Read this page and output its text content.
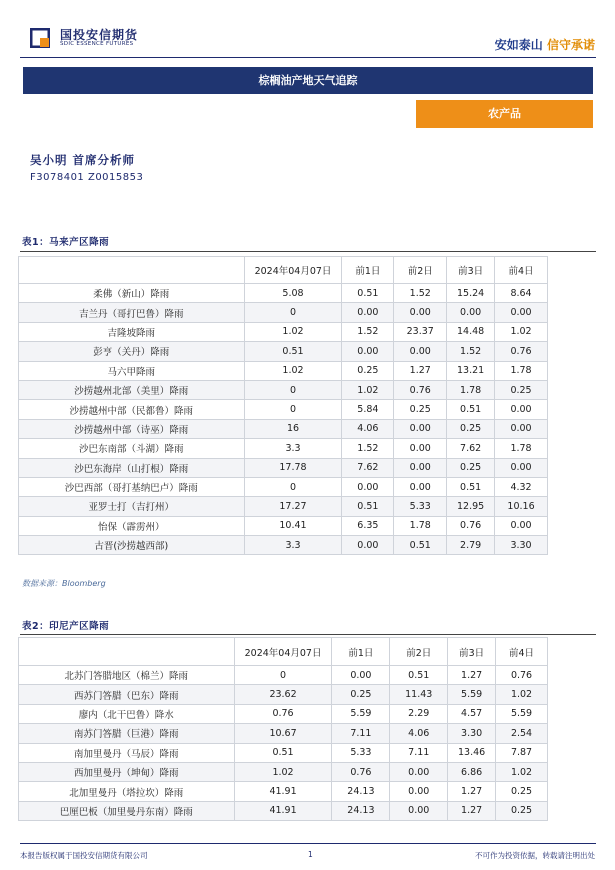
国投安信期货
SDIC ESSENCE FUTURES	安如泰山 信守承诺
棕榈油产地天气追踪
农产品
吴小明 首席分析师
F3078401 Z0015853
表1：马来产区降雨
	2024年04月07日	前1日	前2日	前3日	前4日
柔佛（新山）降雨	5.08	0.51	1.52	15.24	8.64
吉兰丹（哥打巴鲁）降雨	0	0.00	0.00	0.00	0.00
吉隆坡降雨	1.02	1.52	23.37	14.48	1.02
彭亨（关丹）降雨	0.51	0.00	0.00	1.52	0.76
马六甲降雨	1.02	0.25	1.27	13.21	1.78
沙捞越州北部（美里）降雨	0	1.02	0.76	1.78	0.25
沙捞越州中部（民都鲁）降雨	0	5.84	0.25	0.51	0.00
沙捞越州中部（诗巫）降雨	16	4.06	0.00	0.25	0.00
沙巴东南部（斗湖）降雨	3.3	1.52	0.00	7.62	1.78
沙巴东海岸（山打根）降雨	17.78	7.62	0.00	0.25	0.00
沙巴西部（哥打基纳巴卢）降雨	0	0.00	0.00	0.51	4.32
亚罗士打（吉打州）	17.27	0.51	5.33	12.95	10.16
怡保（霹雳州）	10.41	6.35	1.78	0.76	0.00
古晋(沙捞越西部)	3.3	0.00	0.51	2.79	3.30
数据来源：Bloomberg
表2：印尼产区降雨
	2024年04月07日	前1日	前2日	前3日	前4日
北苏门答腊地区（棉兰）降雨	0	0.00	0.51	1.27	0.76
西苏门答腊（巴东）降雨	23.62	0.25	11.43	5.59	1.02
廖内（北干巴鲁）降水	0.76	5.59	2.29	4.57	5.59
南苏门答腊（巨港）降雨	10.67	7.11	4.06	3.30	2.54
南加里曼丹（马辰）降雨	0.51	5.33	7.11	13.46	7.87
西加里曼丹（坤甸）降雨	1.02	0.76	0.00	6.86	1.02
北加里曼丹（塔拉坎）降雨	41.91	24.13	0.00	1.27	0.25
巴厘巴板（加里曼丹东南）降雨	41.91	24.13	0.00	1.27	0.25
本报告版权属于国投安信期货有限公司	1	不可作为投资依据，转载请注明出处
